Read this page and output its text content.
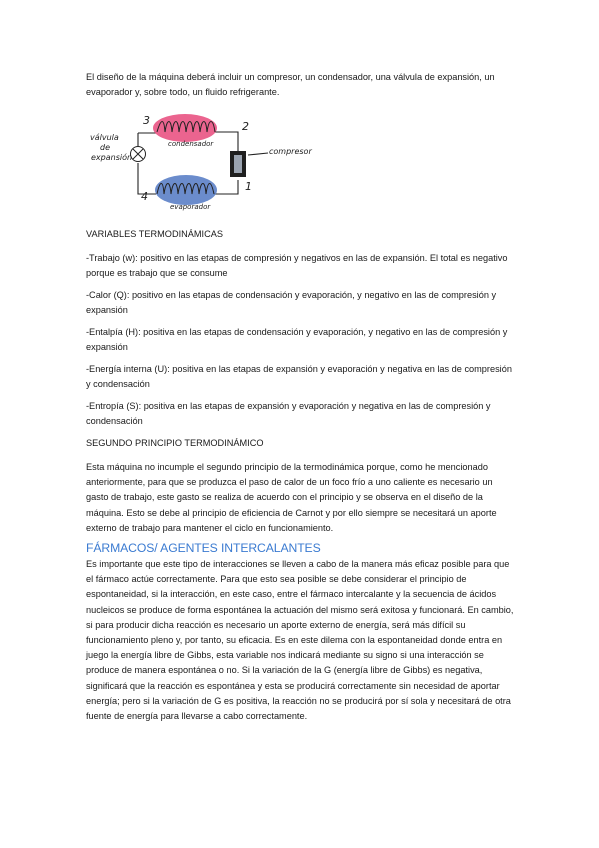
El diseño de la máquina deberá incluir un compresor, un condensador, una válvula de expansión, un evaporador y, sobre todo, un fluido refrigerante.

válvula
de
expansión
condensador
compresor
evaporador
3	2
1
4

VARIABLES TERMODINÁMICAS

-Trabajo (w): positivo en las etapas de compresión y negativos en las de expansión. El total es negativo porque es trabajo que se consume

-Calor (Q): positivo en las etapas de condensación y evaporación, y negativo en las de compresión y expansión

-Entalpía (H): positiva en las etapas de condensación y evaporación, y negativo en las de compresión y expansión

-Energía interna (U): positiva en las etapas de expansión y evaporación y negativa en las de compresión y condensación

-Entropía (S): positiva en las etapas de expansión y evaporación y negativa en las de compresión y condensación

SEGUNDO PRINCIPIO TERMODINÁMICO

Esta máquina no incumple el segundo principio de la termodinámica porque, como he mencionado anteriormente, para que se produzca el paso de calor de un foco frío a uno caliente es necesario un gasto de trabajo, este gasto se realiza de acuerdo con el principio y se observa en el diseño de la máquina. Esto se debe al principio de eficiencia de Carnot y por ello siempre se necesitará un aporte externo de trabajo para mantener el ciclo en funcionamiento.

FÁRMACOS/ AGENTES INTERCALANTES

Es importante que este tipo de interacciones se lleven a cabo de la manera más eficaz posible para que el fármaco actúe correctamente. Para que esto sea posible se debe considerar el principio de espontaneidad, si la interacción, en este caso, entre el fármaco intercalante y la secuencia de ácidos nucleicos se produce de forma espontánea la actuación del mismo será exitosa y funcionará. En cambio, si para producir dicha reacción es necesario un aporte externo de energía, será más difícil su funcionamiento pleno y, por tanto, su eficacia. Es en este dilema con la espontaneidad donde entra en juego la energía libre de Gibbs, esta variable nos indicará mediante su signo si una interacción se produce de manera espontánea o no. Si la variación de la G (energía libre de Gibbs) es negativa, significará que la reacción es espontánea y esta se producirá correctamente sin necesidad de aportar energía; pero si la variación de G es positiva, la reacción no se producirá por sí sola y necesitará de otra fuente de energía para llevarse a cabo correctamente.
